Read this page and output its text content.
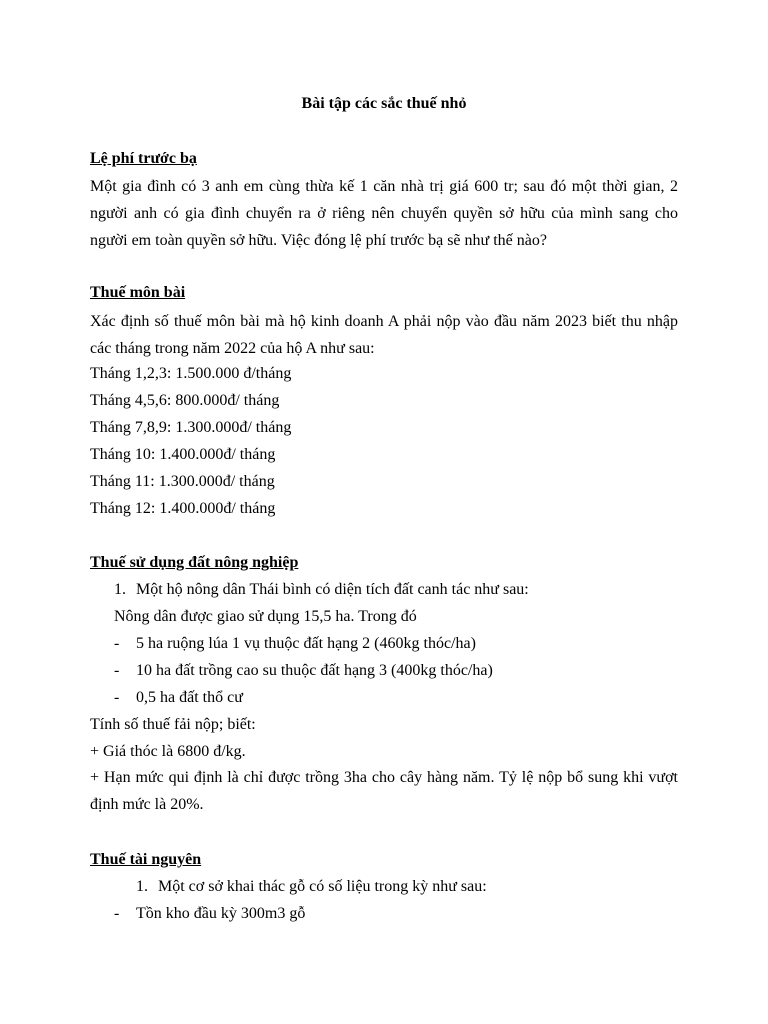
Bài tập các sắc thuế nhỏ
Lệ phí trước bạ
Một gia đình có 3 anh em cùng thừa kế 1 căn nhà trị giá 600 tr; sau đó một thời gian, 2 người anh có gia đình chuyển ra ở riêng nên chuyển quyền sở hữu của mình sang cho người em toàn quyền sở hữu. Việc đóng lệ phí trước bạ sẽ như thế nào?
Thuế môn bài
Xác định số thuế môn bài mà hộ kinh doanh A phải nộp vào đầu năm 2023 biết thu nhập các tháng trong năm 2022 của hộ A như sau:
Tháng 1,2,3: 1.500.000 đ/tháng
Tháng 4,5,6: 800.000đ/ tháng
Tháng 7,8,9: 1.300.000đ/ tháng
Tháng 10: 1.400.000đ/ tháng
Tháng 11: 1.300.000đ/ tháng
Tháng 12: 1.400.000đ/ tháng
Thuế sử dụng đất nông nghiệp
1. Một hộ nông dân Thái bình có diện tích đất canh tác như sau:
Nông dân được giao sử dụng 15,5 ha. Trong đó
- 5 ha ruộng lúa 1 vụ thuộc đất hạng 2 (460kg thóc/ha)
- 10 ha đất trồng cao su thuộc đất hạng 3 (400kg thóc/ha)
- 0,5 ha đất thổ cư
Tính số thuế fải nộp; biết:
+ Giá thóc là 6800 đ/kg.
+ Hạn mức qui định là chỉ được trồng 3ha cho cây hàng năm. Tỷ lệ nộp bổ sung khi vượt định mức là 20%.
Thuế tài nguyên
1. Một cơ sở khai thác gỗ có số liệu trong kỳ như sau:
- Tồn kho đầu kỳ 300m3 gỗ
